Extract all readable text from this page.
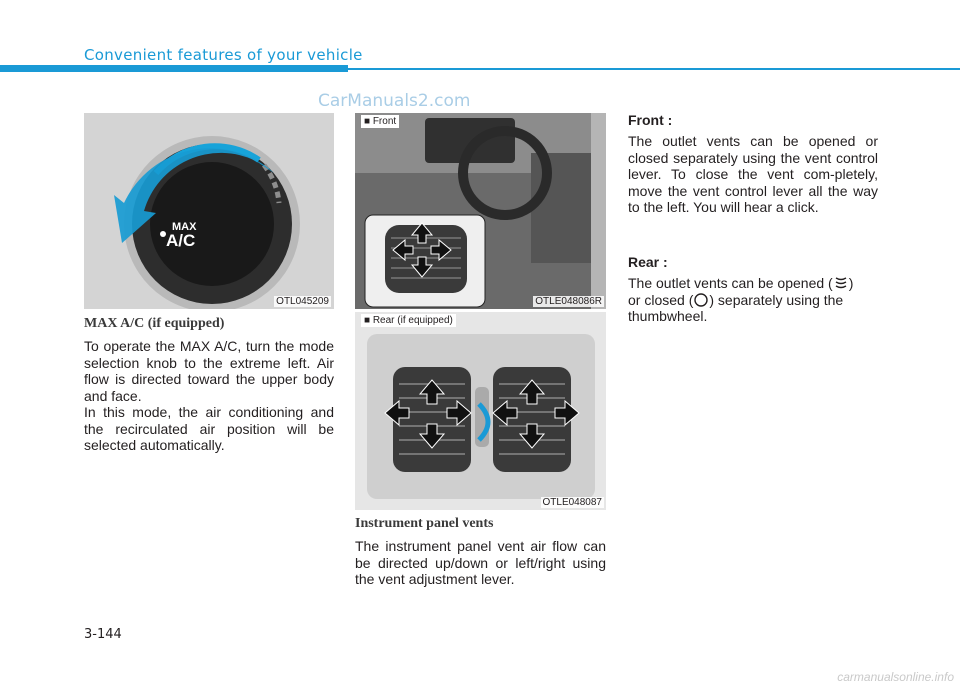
Convenient features of your vehicle
CarManuals2.com
MAX
A/C
OTL045209
MAX A/C (if equipped)
To operate the MAX A/C, turn the mode selection knob to the extreme left. Air flow is directed toward the upper body and face.
In this mode, the air conditioning and the recirculated air position will be selected automatically.
■ Front
OTLE048086R
■ Rear (if equipped)
OTLE048087
Instrument panel vents
The instrument panel vent air flow can be directed up/down or left/right using the vent adjustment lever.
Front :
The outlet vents can be opened or closed separately using the vent control lever. To close the vent com-pletely, move the vent control lever all the way to the left. You will hear a click.
Rear :
The outlet vents can be opened ( )
or closed ( ) separately using the
thumbwheel.
3-144
carmanualsonline.info
